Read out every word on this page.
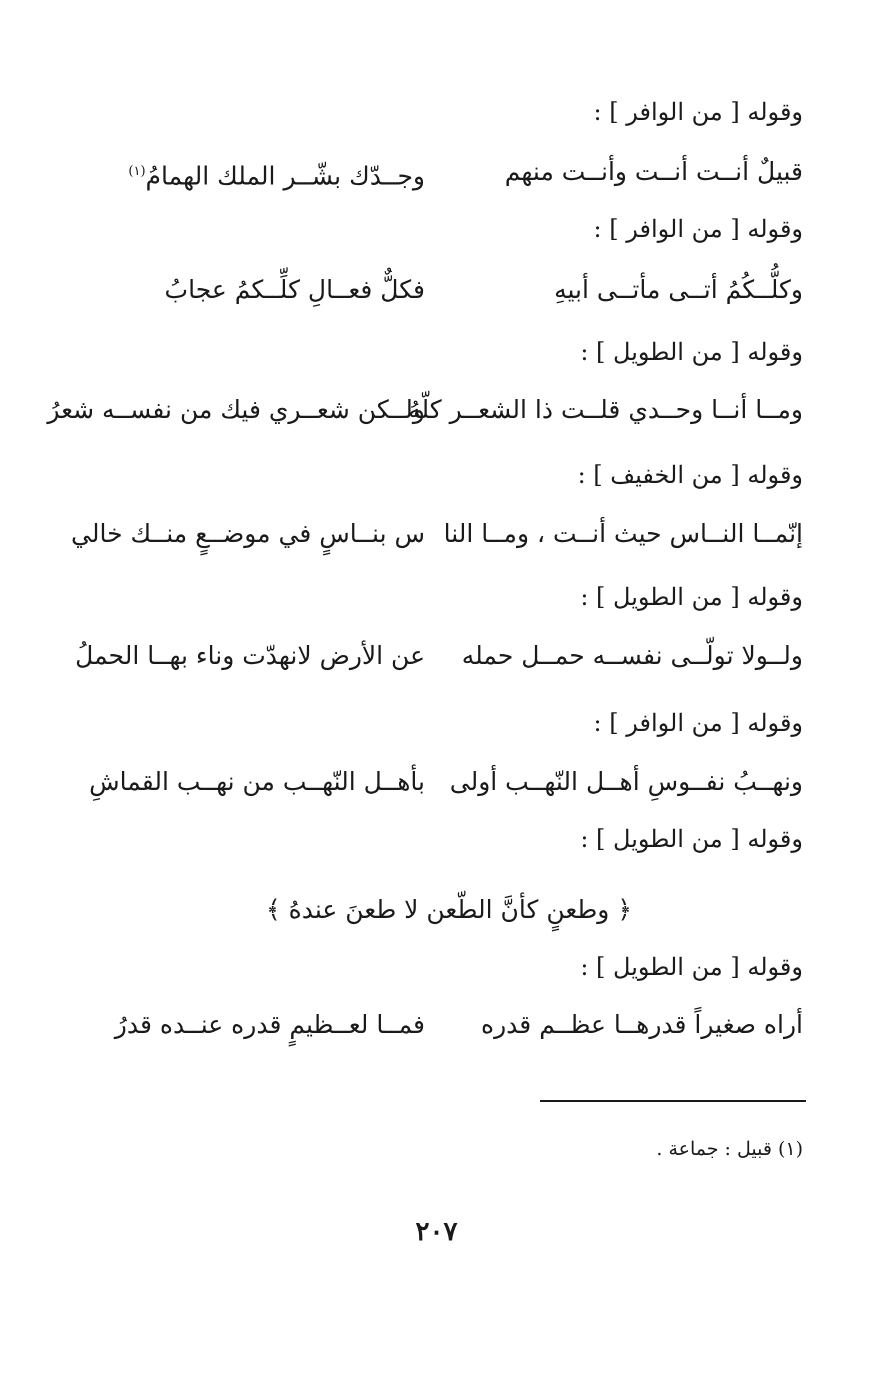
وقوله [ من الوافر ] :
قبيلٌ أنــت أنــت وأنــت منهم
وجــدّك بشّــر الملك الهمامُ$^{(١)}$
وقوله [ من الوافر ] :
وكلُّــكُمُ أتــى مأتــى أبيهِ
فكلٌّ فعــالِ كلِّــكمُ عجابُ
وقوله [ من الطويل ] :
ومــا أنــا وحــدي قلــت ذا الشعــر كلّهُ
ولــكن شعــري فيك من نفســه شعرُ
وقوله [ من الخفيف ] :
إنّمــا النــاس حيث أنــت ، ومــا النا
س بنــاسٍ في موضــعٍ منــك خالي
وقوله [ من الطويل ] :
ولــولا تولّــى نفســه حمــل حمله
عن الأرض لانهدّت وناء بهــا الحملُ
وقوله [ من الوافر ] :
ونهــبُ نفــوسِ أهــل النّهــب أولى
بأهــل النّهــب من نهــب القماشِ
وقوله [ من الطويل ] :
﴿ وطعنٍ كأنَّ الطّعن لا طعنَ عندهُ ﴾
وقوله [ من الطويل ] :
أراه صغيراً قدرهــا عظــم قدره
فمــا لعــظيمٍ قدره عنــده قدرُ
(١) قبيل : جماعة .
٢٠٧
